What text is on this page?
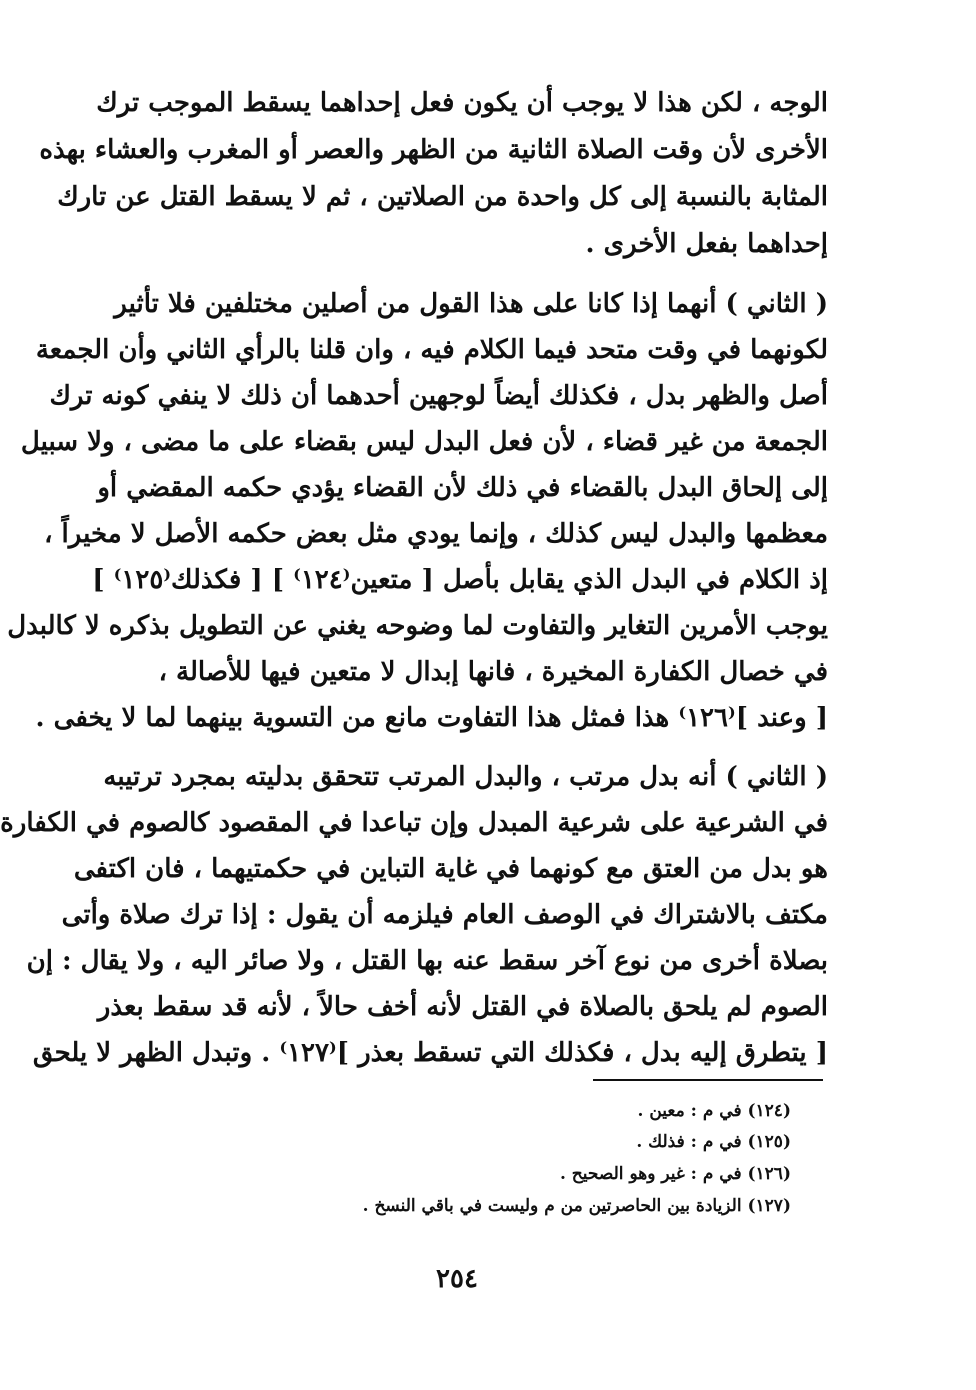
الوجه ، لكن هذا لا يوجب أن يكون فعل إحداهما يسقط الموجب ترك
الأخرى لأن وقت الصلاة الثانية من الظهر والعصر أو المغرب والعشاء بهذه
المثابة بالنسبة إلى كل واحدة من الصلاتين ، ثم لا يسقط القتل عن تارك
إحداهما بفعل الأخرى .
( الثاني ) أنهما إذا كانا على هذا القول من أصلين مختلفين فلا تأثير
لكونهما في وقت متحد فيما الكلام فيه ، وان قلنا بالرأي الثاني وأن الجمعة
أصل والظهر بدل ، فكذلك أيضاً لوجهين أحدهما أن ذلك لا ينفي كونه ترك
الجمعة من غير قضاء ، لأن فعل البدل ليس بقضاء على ما مضى ، ولا سبيل
إلى إلحاق البدل بالقضاء في ذلك لأن القضاء يؤدي حكمه المقضي أو
معظمها والبدل ليس كذلك ، وإنما يودي مثل بعض حكمه الأصل لا مخيراً ،
إذ الكلام في البدل الذي يقابل بأصل [ متعين⁽١٢٤⁾ ] [ فكذلك⁽١٢٥⁾ ]
يوجب الأمرين التغاير والتفاوت لما وضوحه يغني عن التطويل بذكره لا كالبدل
في خصال الكفارة المخيرة ، فانها إبدال لا متعين فيها للأصالة ،
[ وعند ]⁽١٢٦⁾ هذا فمثل هذا التفاوت مانع من التسوية بينهما لما لا يخفى .
( الثاني ) أنه بدل مرتب ، والبدل المرتب تتحقق بدليته بمجرد ترتيبه
في الشرعية على شرعية المبدل وإن تباعدا في المقصود كالصوم في الكفارة
هو بدل من العتق مع كونهما في غاية التباين في حكمتيهما ، فان اكتفى
مكتف بالاشتراك في الوصف العام فيلزمه أن يقول : إذا ترك صلاة وأتى
بصلاة أخرى من نوع آخر سقط عنه بها القتل ، ولا صائر اليه ، ولا يقال : إن
الصوم لم يلحق بالصلاة في القتل لأنه أخف حالاً ، لأنه قد سقط بعذر
[ يتطرق إليه بدل ، فكذلك التي تسقط بعذر ]⁽١٢٧⁾ . وتبدل الظهر لا يلحق
(١٢٤) في م : معين .
(١٢٥) في م : فذلك .
(١٢٦) في م : غير وهو الصحيح .
(١٢٧) الزيادة بين الحاصرتين من م وليست في باقي النسخ .
٢٥٤
